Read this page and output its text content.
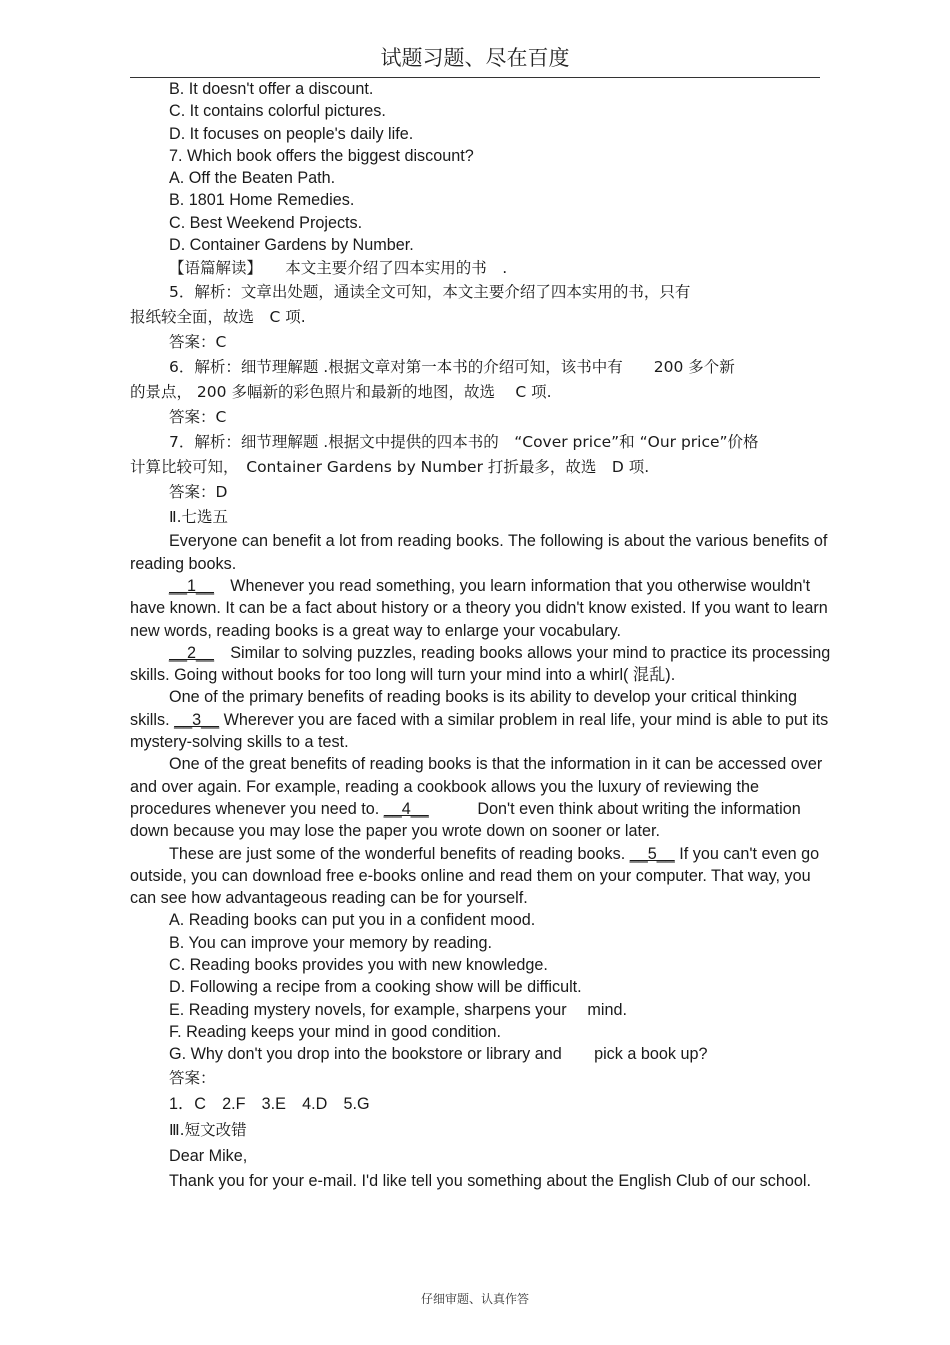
试题习题、尽在百度

B. It doesn't offer a discount.

C. It contains colorful pictures.

D. It focuses on people's daily life.

7. Which book offers the biggest discount?

A. Off the Beaten Path.

B. 1801 Home Remedies.

C. Best Weekend Projects.

D. Container Gardens by Number.

【语篇解读】　　本文主要介绍了四本实用的书　.

5．解析：文章出处题，通读全文可知，本文主要介绍了四本实用的书，只有

报纸较全面，故选　C 项.

答案：C

6．解析：细节理解题 .根据文章对第一本书的介绍可知，该书中有　　200 多个新

的景点， 200 多幅新的彩色照片和最新的地图，故选　 C 项.

答案：C

7．解析：细节理解题 .根据文中提供的四本书的　“Cover price”和 “Our price”价格

计算比较可知，　Container Gardens by Number 打折最多，故选　D 项.

答案：D

Ⅱ.七选五

Everyone can benefit a lot from reading books. The following is about the various benefits of reading books.

__1__　Whenever you read something, you learn information that you otherwise wouldn't have known. It can be a fact about history or a theory you didn't know existed. If you want to learn new words, reading books is a great way to enlarge your vocabulary.

__2__　Similar to solving puzzles, reading books allows your mind to practice its processing skills. Going without books for too long will turn your mind into a whirl( 混乱).

One of the primary benefits of reading books is its ability to develop your critical thinking skills. __3__ Wherever you are faced with a similar problem in real life, your mind is able to put its mystery-solving skills to a test.

One of the great benefits of reading books is that the information in it can be accessed over and over again. For example, reading a cookbook allows you the luxury of reviewing the procedures whenever you need to. __4__　　　Don't even think about writing the information down because you may lose the paper you wrote down on sooner or later.

These are just some of the wonderful benefits of reading books. __5__ If you can't even go outside, you can download free e-books online and read them on your computer. That way, you can see how advantageous reading can be for yourself.

A. Reading books can put you in a confident mood.

B. You can improve your memory by reading.

C. Reading books provides you with new knowledge.

D. Following a recipe from a cooking show will be difficult.

E. Reading mystery novels, for example, sharpens your　 mind.

F. Reading keeps your mind in good condition.

G. Why don't you drop into the bookstore or library and　　pick a book up?

答案：

1．C　2.F　3.E　4.D　5.G

Ⅲ.短文改错

Dear Mike,

Thank you for your e-mail. I'd like tell you something about the English Club of our school.

仔细审题、认真作答
